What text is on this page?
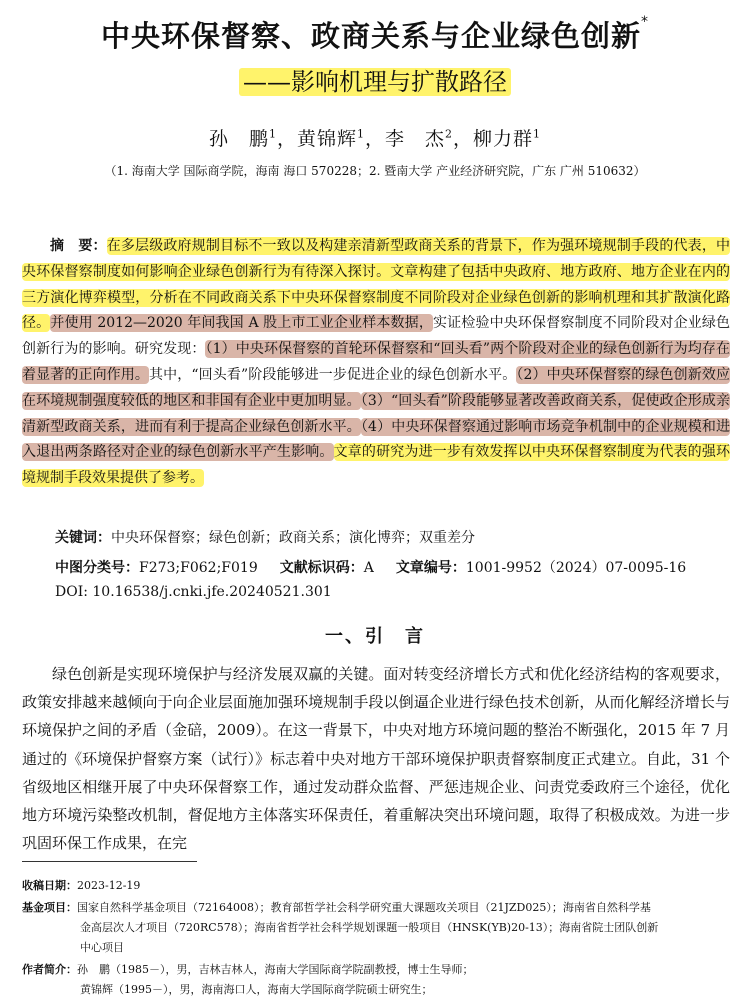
中央环保督察、政商关系与企业绿色创新*
——影响机理与扩散路径
孙　鹏$^1$，黄锦辉$^1$，李　杰$^2$，柳力群$^1$
（1. 海南大学 国际商学院，海南 海口 570228；2. 暨南大学 产业经济研究院，广东 广州 510632）
摘　要：在多层级政府规制目标不一致以及构建亲清新型政商关系的背景下，作为强环境规制手段的代表，中央环保督察制度如何影响企业绿色创新行为有待深入探讨。文章构建了包括中央政府、地方政府、地方企业在内的三方演化博弈模型，分析在不同政商关系下中央环保督察制度不同阶段对企业绿色创新的影响机理和其扩散演化路径。并使用 2012—2020 年间我国 A 股上市工业企业样本数据，实证检验中央环保督察制度不同阶段对企业绿色创新行为的影响。研究发现：（1）中央环保督察的首轮环保督察和“回头看”两个阶段对企业的绿色创新行为均存在着显著的正向作用。其中，“回头看”阶段能够进一步促进企业的绿色创新水平。（2）中央环保督察的绿色创新效应在环境规制强度较低的地区和非国有企业中更加明显。（3）“回头看”阶段能够显著改善政商关系，促使政企形成亲清新型政商关系，进而有利于提高企业绿色创新水平。（4）中央环保督察通过影响市场竞争机制中的企业规模和进入退出两条路径对企业的绿色创新水平产生影响。文章的研究为进一步有效发挥以中央环保督察制度为代表的强环境规制手段效果提供了参考。
关键词：中央环保督察；绿色创新；政商关系；演化博弈；双重差分
中图分类号：F273;F062;F019 文献标识码：A 文章编号：1001-9952（2024）07-0095-16
DOI: 10.16538/j.cnki.jfe.20240521.301
一、引　言
绿色创新是实现环境保护与经济发展双赢的关键。面对转变经济增长方式和优化经济结构的客观要求，政策安排越来越倾向于向企业层面施加强环境规制手段以倒逼企业进行绿色技术创新，从而化解经济增长与环境保护之间的矛盾（金碚，2009）。在这一背景下，中央对地方环境问题的整治不断强化，2015 年 7 月通过的《环境保护督察方案（试行）》标志着中央对地方干部环境保护职责督察制度正式建立。自此，31 个省级地区相继开展了中央环保督察工作，通过发动群众监督、严惩违规企业、问责党委政府三个途径，优化地方环境污染整改机制，督促地方主体落实环保责任，着重解决突出环境问题，取得了积极成效。为进一步巩固环保工作成果，在完
收稿日期：2023-12-19
基金项目：国家自然科学基金项目（72164008）；教育部哲学社会科学研究重大课题攻关项目（21JZD025）；海南省自然科学基
金高层次人才项目（720RC578）；海南省哲学社会科学规划课题一般项目（HNSK(YB)20-13）；海南省院士团队创新
中心项目
作者简介：孙　鹏（1985－），男，吉林吉林人，海南大学国际商学院副教授，博士生导师；
黄锦辉（1995－），男，海南海口人，海南大学国际商学院硕士研究生；
